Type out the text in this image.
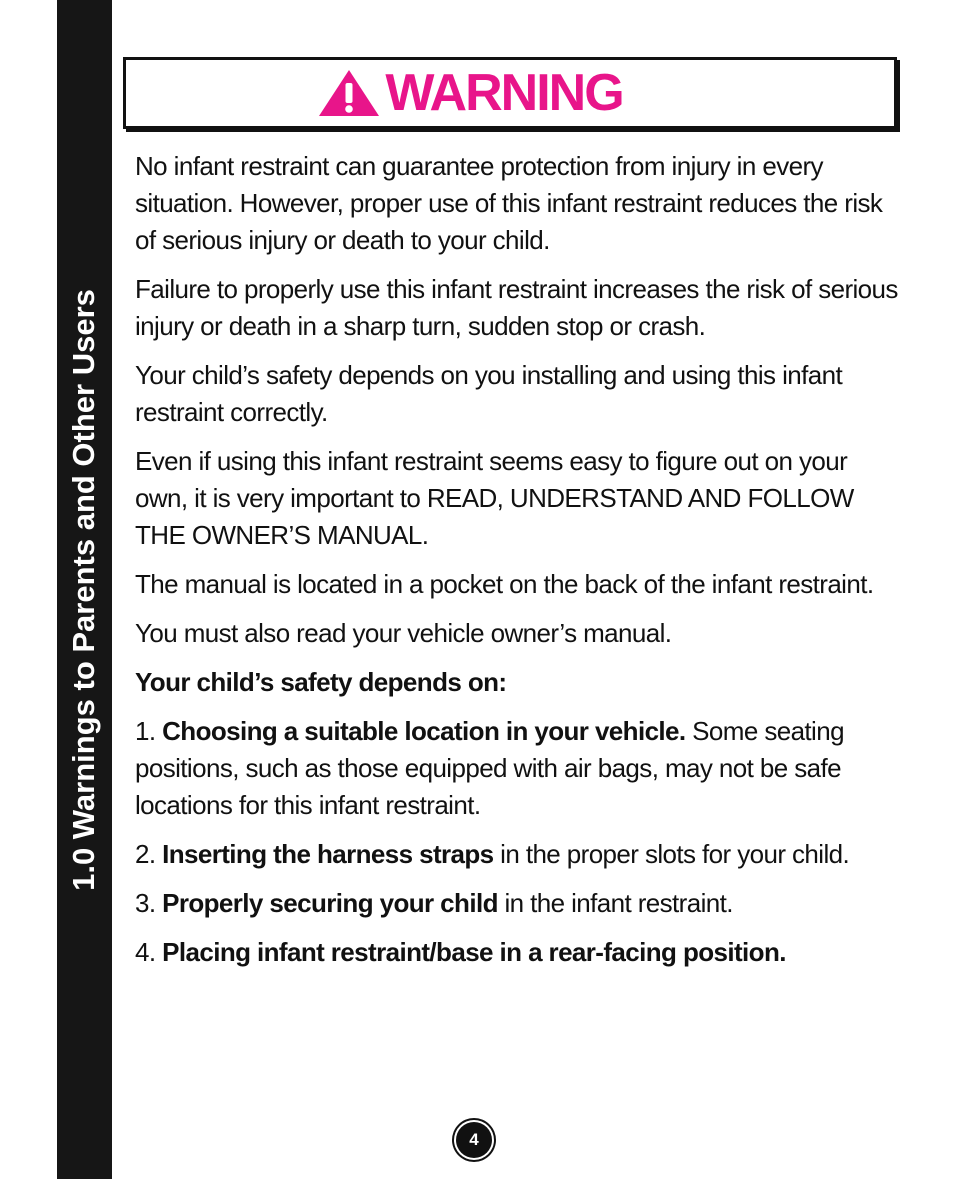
1.0 Warnings to Parents and Other Users
WARNING

No infant restraint can guarantee protection from injury in every situation. However, proper use of this infant restraint reduces the risk of serious injury or death to your child.

Failure to properly use this infant restraint increases the risk of serious injury or death in a sharp turn, sudden stop or crash.

Your child’s safety depends on you installing and using this infant restraint correctly.

Even if using this infant restraint seems easy to figure out on your own, it is very important to READ, UNDERSTAND AND FOLLOW THE OWNER’S MANUAL.

The manual is located in a pocket on the back of the infant restraint.

You must also read your vehicle owner’s manual.

Your child’s safety depends on:

1. Choosing a suitable location in your vehicle. Some seating positions, such as those equipped with air bags, may not be safe locations for this infant restraint.

2. Inserting the harness straps in the proper slots for your child.

3. Properly securing your child in the infant restraint.

4. Placing infant restraint/base in a rear-facing position.

4
